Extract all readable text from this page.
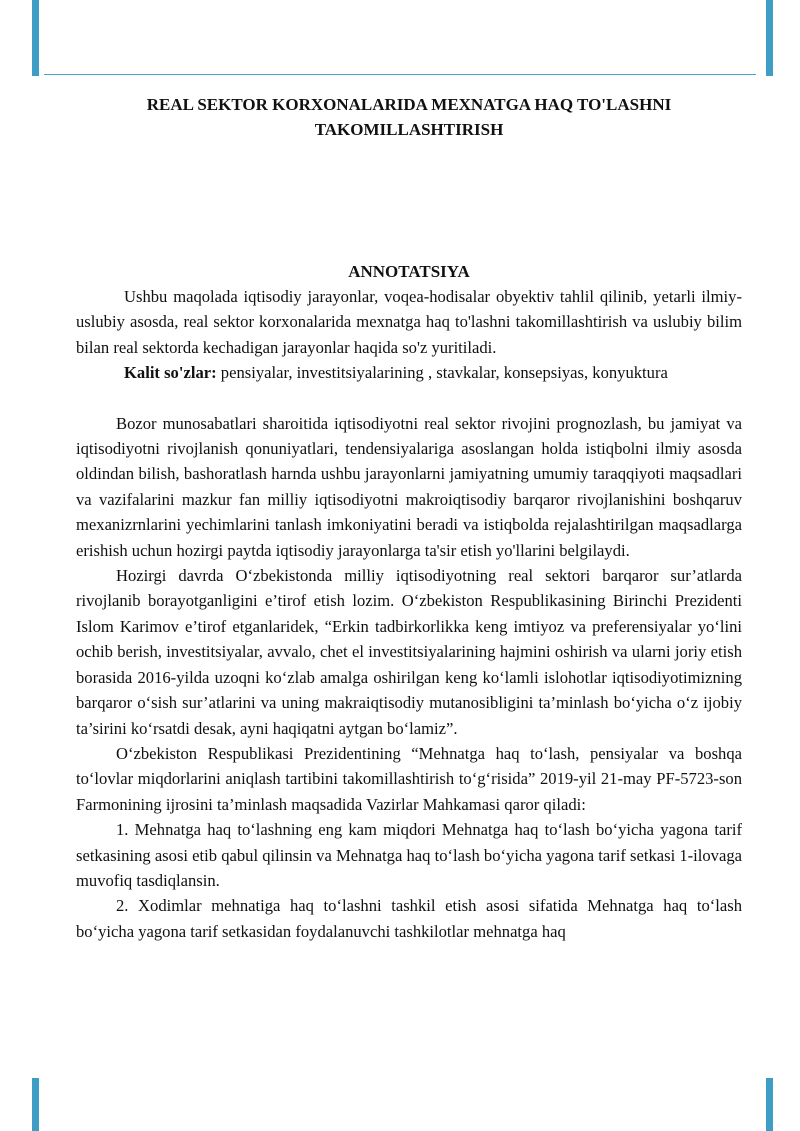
REAL SEKTOR KORXONALARIDA MEXNATGA HAQ TO'LASHNI TAKOMILLASHTIRISH
ANNOTATSIYA

Ushbu maqolada iqtisodiy jarayonlar, voqea-hodisalar obyektiv tahlil qilinib, yetarli ilmiy-uslubiy asosda, real sektor korxonalarida mexnatga haq to'lashni takomillashtirish va uslubiy bilim bilan real sektorda kechadigan jarayonlar haqida so'z yuritiladi.

Kalit so'zlar: pensiyalar, investitsiyalarining , stavkalar, konsepsiyas, konyuktura

Bozor munosabatlari sharoitida iqtisodiyotni real sektor rivojini prognozlash, bu jamiyat va iqtisodiyotni rivojlanish qonuniyatlari, tendensiyalariga asoslangan holda istiqbolni ilmiy asosda oldindan bilish, bashoratlash harnda ushbu jarayonlarni jamiyatning umumiy taraqqiyoti maqsadlari va vazifalarini mazkur fan milliy iqtisodiyotni makroiqtisodiy barqaror rivojlanishini boshqaruv mexanizrnlarini yechimlarini tanlash imkoniyatini beradi va istiqbolda rejalashtirilgan maqsadlarga erishish uchun hozirgi paytda iqtisodiy jarayonlarga ta'sir etish yo'llarini belgilaydi.

Hozirgi davrda O‘zbekistonda milliy iqtisodiyotning real sektori barqaror sur’atlarda rivojlanib borayotganligini e’tirof etish lozim. O‘zbekiston Respublikasining Birinchi Prezidenti Islom Karimov e’tirof etganlaridek, “Erkin tadbirkorlikka keng imtiyoz va preferensiyalar yo‘lini ochib berish, investitsiyalar, avvalo, chet el investitsiyalarining hajmini oshirish va ularni joriy etish borasida 2016-yilda uzoqni ko‘zlab amalga oshirilgan keng ko‘lamli islohotlar iqtisodiyotimizning barqaror o‘sish sur’atlarini va uning makraiqtisodiy mutanosibligini ta’minlash bo‘yicha o‘z ijobiy ta’sirini ko‘rsatdi desak, ayni haqiqatni aytgan bo‘lamiz”.

O‘zbekiston Respublikasi Prezidentining “Mehnatga haq to‘lash, pensiyalar va boshqa to‘lovlar miqdorlarini aniqlash tartibini takomillashtirish to‘g‘risida” 2019-yil 21-may PF-5723-son Farmonining ijrosini ta’minlash maqsadida Vazirlar Mahkamasi qaror qiladi:

1. Mehnatga haq to‘lashning eng kam miqdori Mehnatga haq to‘lash bo‘yicha yagona tarif setkasining asosi etib qabul qilinsin va Mehnatga haq to‘lash bo‘yicha yagona tarif setkasi 1-ilovaga muvofiq tasdiqlansin.

2. Xodimlar mehnatiga haq to‘lashni tashkil etish asosi sifatida Mehnatga haq to‘lash bo‘yicha yagona tarif setkasidan foydalanuvchi tashkilotlar mehnatga haq
